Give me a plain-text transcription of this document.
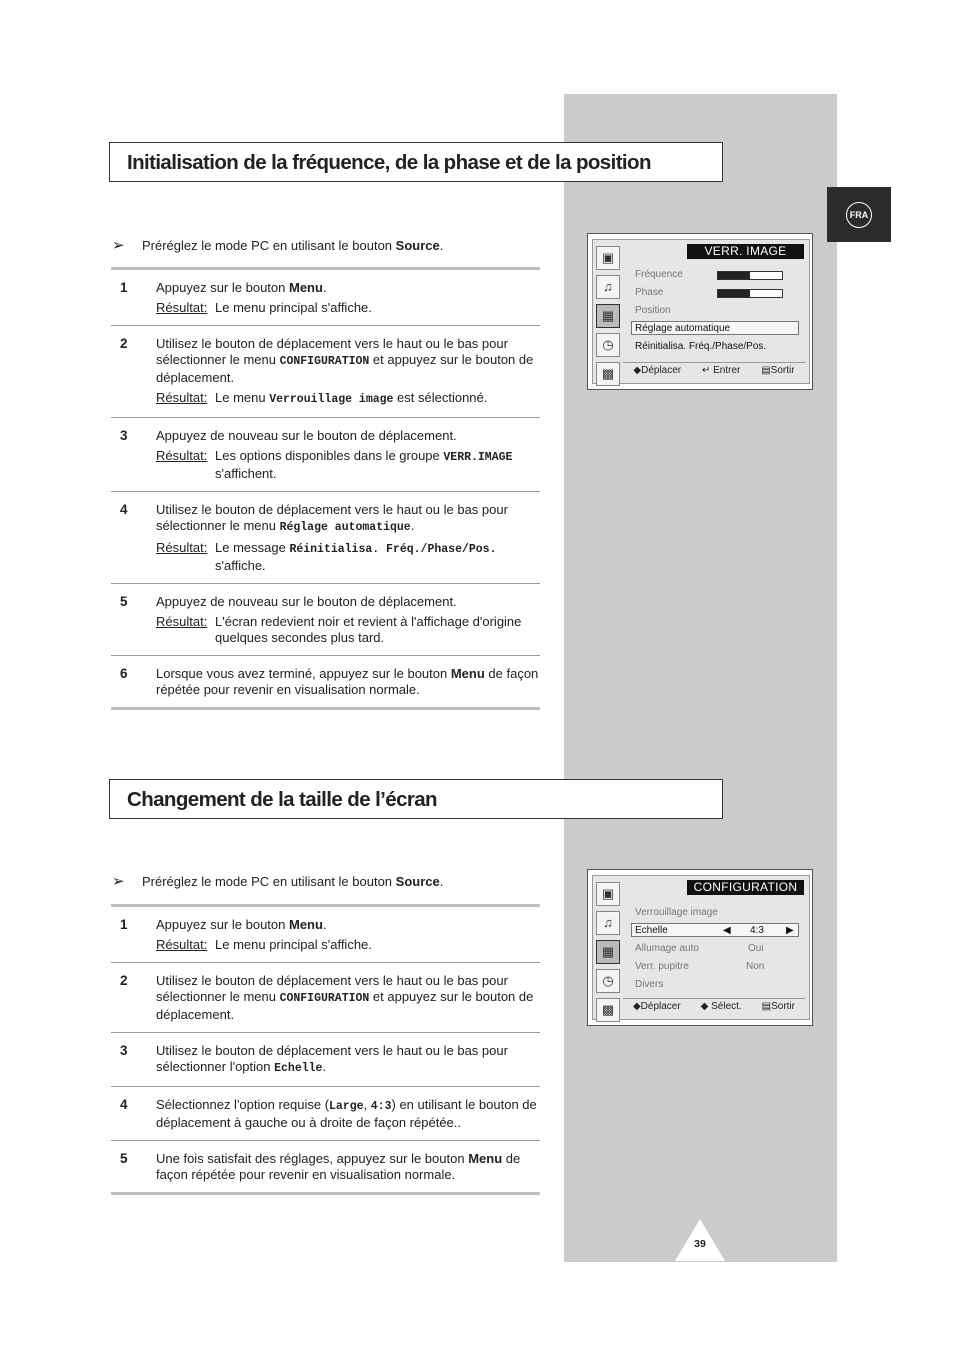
FRA
Initialisation de la fréquence, de la phase et de la position
➢ Préréglez le mode PC en utilisant le bouton Source.
1 Appuyez sur le bouton Menu.
Résultat: Le menu principal s'affiche.
2 Utilisez le bouton de déplacement vers le haut ou le bas pour sélectionner le menu CONFIGURATION et appuyez sur le bouton de déplacement.
Résultat: Le menu Verrouillage image est sélectionné.
3 Appuyez de nouveau sur le bouton de déplacement.
Résultat: Les options disponibles dans le groupe VERR.IMAGE s'affichent.
4 Utilisez le bouton de déplacement vers le haut ou le bas pour sélectionner le menu Réglage automatique.
Résultat: Le message Réinitialisa. Fréq./Phase/Pos. s'affiche.
5 Appuyez de nouveau sur le bouton de déplacement.
Résultat: L'écran redevient noir et revient à l'affichage d'origine quelques secondes plus tard.
6 Lorsque vous avez terminé, appuyez sur le bouton Menu de façon répétée pour revenir en visualisation normale.
▣
♫
▦
◷
▩
VERR. IMAGE
Fréquence
Phase
Position
Réglage automatique
Réinitialisa. Fréq./Phase/Pos.
◆Déplacer ↵ Entrer ▤Sortir
Changement de la taille de l’écran
➢ Préréglez le mode PC en utilisant le bouton Source.
1 Appuyez sur le bouton Menu.
Résultat: Le menu principal s'affiche.
2 Utilisez le bouton de déplacement vers le haut ou le bas pour sélectionner le menu CONFIGURATION et appuyez sur le bouton de déplacement.
3 Utilisez le bouton de déplacement vers le haut ou le bas pour sélectionner l'option Echelle.
4 Sélectionnez l'option requise (Large, 4:3) en utilisant le bouton de déplacement à gauche ou à droite de façon répétée..
5 Une fois satisfait des réglages, appuyez sur le bouton Menu de façon répétée pour revenir en visualisation normale.
▣
♫
▦
◷
▩
CONFIGURATION
Verrouillage image
Echelle	◀ 4:3 ▶
Allumage auto	Oui
Verr. pupitre	Non
Divers
◆Déplacer ◆ Sélect. ▤Sortir
39
